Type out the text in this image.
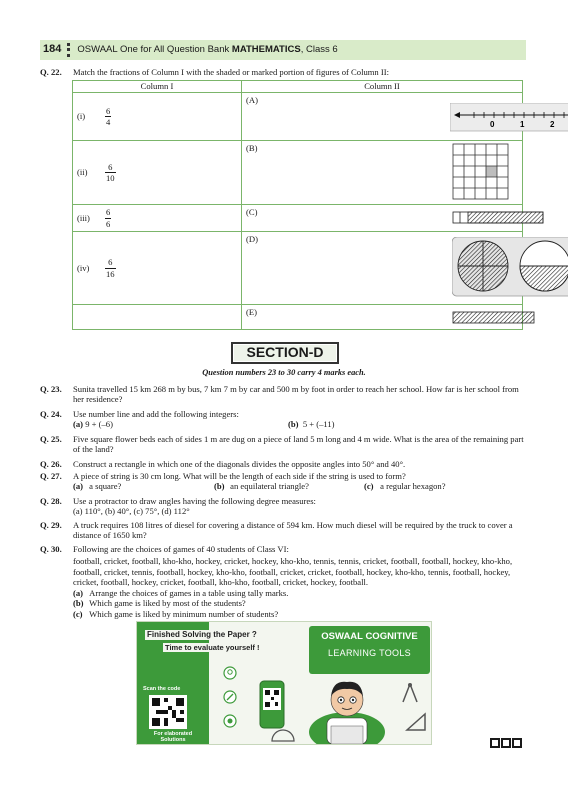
184 OSWAAL One for All Question Bank
MATHEMATICS , Class 6
Q. 22.	Match the fractions of Column I with the shaded or marked portion of figures of Column II:
Column I	Column II

$(i) \frac{6}{4}$	(A)
0 1 2

$(ii) \frac{6}{10}$	(B)

$(iii) \frac{6}{6}$	(C)

$(iv) \frac{6}{16}$	(D)

	(E)
SECTION-D
Question numbers 23 to 30 carry 4 marks each.
Q. 23.	Sunita travelled 15 km 268 m by bus, 7 km 7 m by car and 500 m by foot in order to reach her school. How far is her school from her residence?
Q. 24.	Use number line and add the following integers:
(a)
9 + (–6)	(b)
5 + (–11)
Q. 25.	Five square flower beds each of sides 1 m are dug on a piece of land 5 m long and 4 m wide. What is the area of the remaining part of the land?
Q. 26.	Construct a rectangle in which one of the diagonals divides the opposite angles into 50° and 40°.
Q. 27.	A piece of string is 30 cm long. What will be the length of each side if the string is used to form?
(a)
a square?	(b)
an equilateral triangle?	(c)
a regular hexagon?
Q. 28.	Use a protractor to draw angles having the following degree measures:
(a) 110°, (b) 40°, (c) 75°, (d) 112°
Q. 29.	A truck requires 108 litres of diesel for covering a distance of 594 km. How much diesel will be required by the truck to cover a distance of 1650 km?
Q. 30.	Following are the choices of games of 40 students of Class VI:
football, cricket, football, kho-kho, hockey, cricket, hockey, kho-kho, tennis, tennis, cricket, football, football, hockey, kho-kho, football, cricket, tennis, football, hockey, kho-kho, football, cricket, cricket, football, hockey, kho-kho, tennis, football, hockey, cricket, football, hockey, cricket, football, kho-kho, football, cricket, hockey, football.
(a)
Arrange the choices of games in a table using tally marks.
(b)
Which game is liked by most of the students?
(c)
Which game is liked by minimum number of students?
Finished Solving the Paper ?
Time to evaluate yourself !
OSWAAL COGNITIVE
LEARNING TOOLS
Scan the code
For elaborated Solutions
